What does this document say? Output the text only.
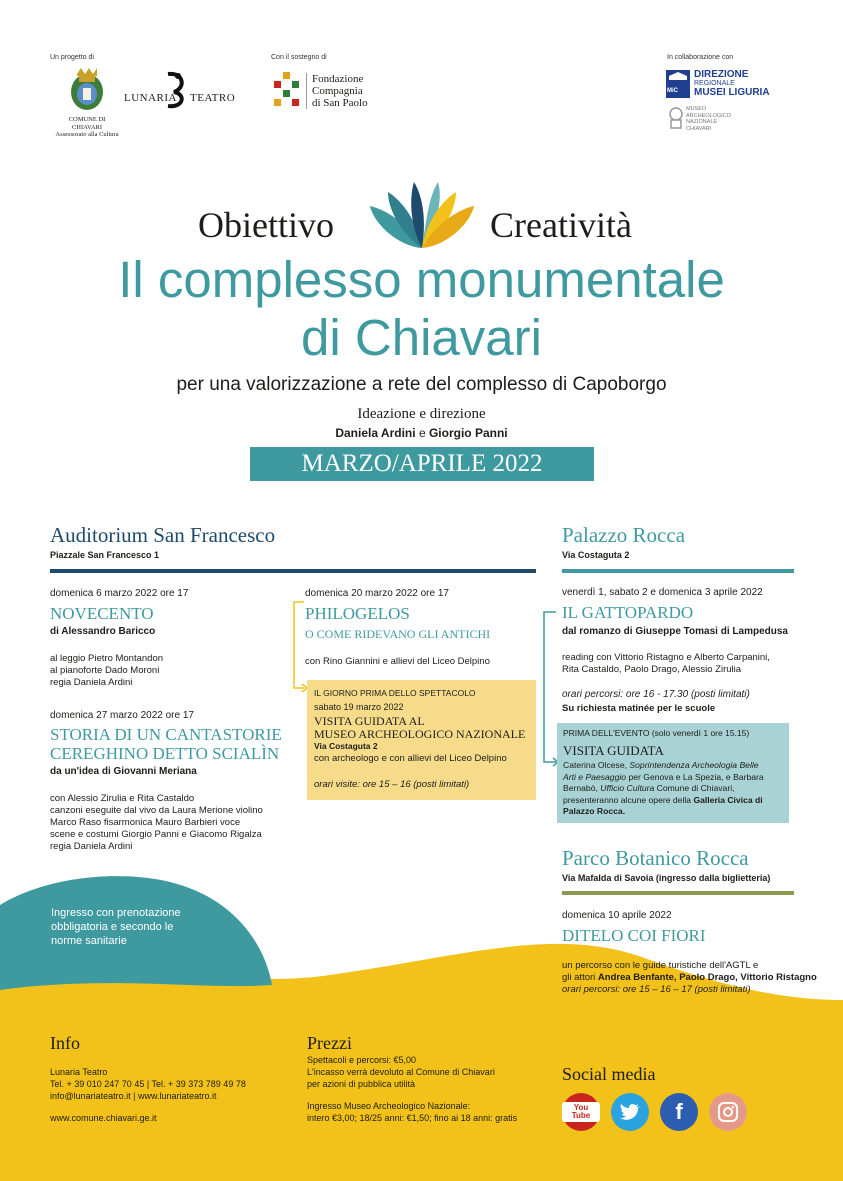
Un progetto di
COMUNE DI
CHIAVARI
Assessorato alla Cultura
LUNARIA TEATRO
Con il sostegno di
Fondazione
Compagnia
di San Paolo
In collaborazione con
MiC
DIREZIONE
REGIONALE
MUSEI LIGURIA
MUSEO
ARCHEOLOGICO
NAZIONALE
CHIAVARI
Obiettivo	Creatività
Il complesso monumentale
di Chiavari
per una valorizzazione a rete del complesso di Capoborgo
Ideazione e direzione
Daniela Ardini e Giorgio Panni
MARZO/APRILE 2022
Auditorium San Francesco
Piazzale San Francesco 1
domenica 6 marzo 2022 ore 17
NOVECENTO
di Alessandro Baricco
al leggio Pietro Montandon
al pianoforte Dado Moroni
regia Daniela Ardini
domenica 27 marzo 2022 ore 17
STORIA DI UN CANTASTORIE
CEREGHINO DETTO SCIALÌN
da un'idea di Giovanni Meriana
con Alessio Zirulia e Rita Castaldo
canzoni eseguite dal vivo da Laura Merione violino
Marco Raso fisarmonica Mauro Barbieri voce
scene e costumi Giorgio Panni e Giacomo Rigalza
regia Daniela Ardini
domenica 20 marzo 2022 ore 17
PHILOGELOS
O COME RIDEVANO GLI ANTICHI
con Rino Giannini e allievi del Liceo Delpino
IL GIORNO PRIMA DELLO SPETTACOLO
sabato 19 marzo 2022
VISITA GUIDATA AL
MUSEO ARCHEOLOGICO NAZIONALE
Via Costaguta 2
con archeologo e con allievi del Liceo Delpino
orari visite: ore 15 – 16 (posti limitati)
Palazzo Rocca
Via Costaguta 2
venerdì 1, sabato 2 e domenica 3 aprile 2022
IL GATTOPARDO
dal romanzo di Giuseppe Tomasi di Lampedusa
reading con Vittorio Ristagno e Alberto Carpanini,
Rita Castaldo, Paolo Drago, Alessio Zirulia
orari percorsi: ore 16 - 17.30 (posti limitati)
Su richiesta matinée per le scuole
PRIMA DELL'EVENTO (solo venerdì 1 ore 15.15)
VISITA GUIDATA
Caterina Olcese, Soprintendenza Archeologia Belle
Arti e Paesaggio per Genova e La Spezia, e Barbara
Bernabò, Ufficio Cultura Comune di Chiavari,
presenteranno alcune opere della Galleria Civica di
Palazzo Rocca.
Parco Botanico Rocca
Via Mafalda di Savoia (ingresso dalla biglietteria)
domenica 10 aprile 2022
DITELO COI FIORI
un percorso con le guide turistiche dell'AGTL e
gli attori Andrea Benfante, Paolo Drago, Vittorio Ristagno
orari percorsi: ore 15 – 16 – 17 (posti limitati)
Ingresso con prenotazione
obbligatoria e secondo le
norme sanitarie
Info
Lunaria Teatro
Tel. + 39 010 247 70 45 | Tel. + 39 373 789 49 78
info@lunariateatro.it | www.lunariateatro.it
www.comune.chiavari.ge.it
Prezzi
Spettacoli e percorsi: €5,00
L'incasso verrà devoluto al Comune di Chiavari
per azioni di pubblica utilità
Ingresso Museo Archeologico Nazionale:
intero €3,00; 18/25 anni: €1,50; fino ai 18 anni: gratis
Social media
You Tube	f
